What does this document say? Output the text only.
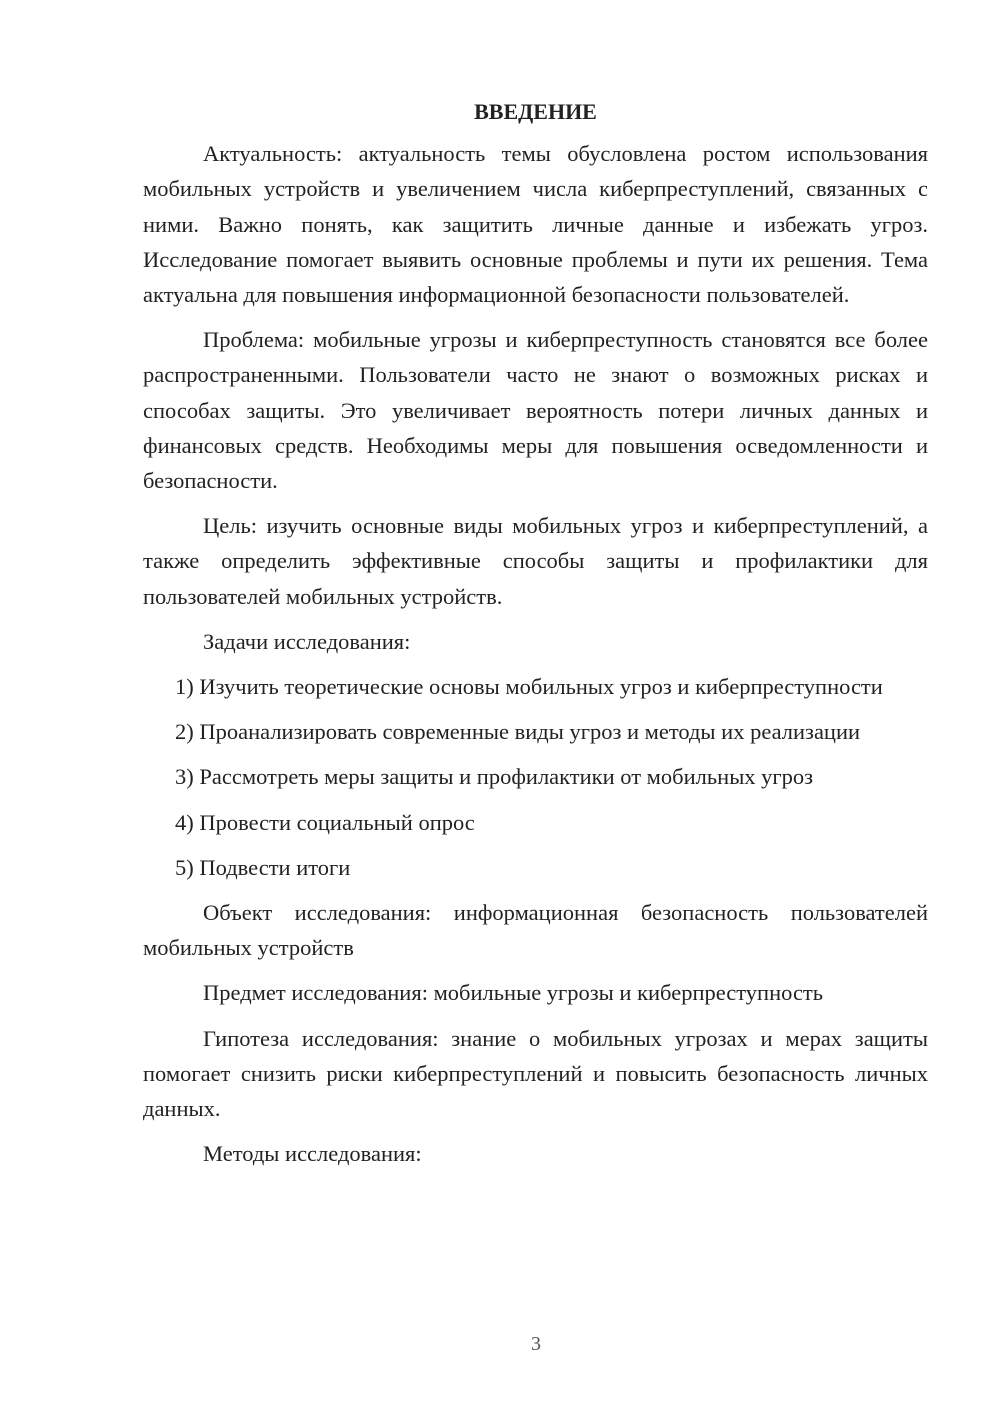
ВВЕДЕНИЕ

Актуальность: актуальность темы обусловлена ростом использования мобильных устройств и увеличением числа киберпреступлений, связанных с ними. Важно понять, как защитить личные данные и избежать угроз. Исследование помогает выявить основные проблемы и пути их решения. Тема актуальна для повышения информационной безопасности пользователей.

Проблема: мобильные угрозы и киберпреступность становятся все более распространенными. Пользователи часто не знают о возможных рисках и способах защиты. Это увеличивает вероятность потери личных данных и финансовых средств. Необходимы меры для повышения осведомленности и безопасности.

Цель: изучить основные виды мобильных угроз и киберпреступлений, а также определить эффективные способы защиты и профилактики для пользователей мобильных устройств.

Задачи исследования:

1) Изучить теоретические основы мобильных угроз и киберпреступности

2) Проанализировать современные виды угроз и методы их реализации

3) Рассмотреть меры защиты и профилактики от мобильных угроз

4) Провести социальный опрос

5) Подвести итоги

Объект исследования: информационная безопасность пользователей мобильных устройств

Предмет исследования: мобильные угрозы и киберпреступность

Гипотеза исследования: знание о мобильных угрозах и мерах защиты помогает снизить риски киберпреступлений и повысить безопасность личных данных.

Методы исследования:

3
